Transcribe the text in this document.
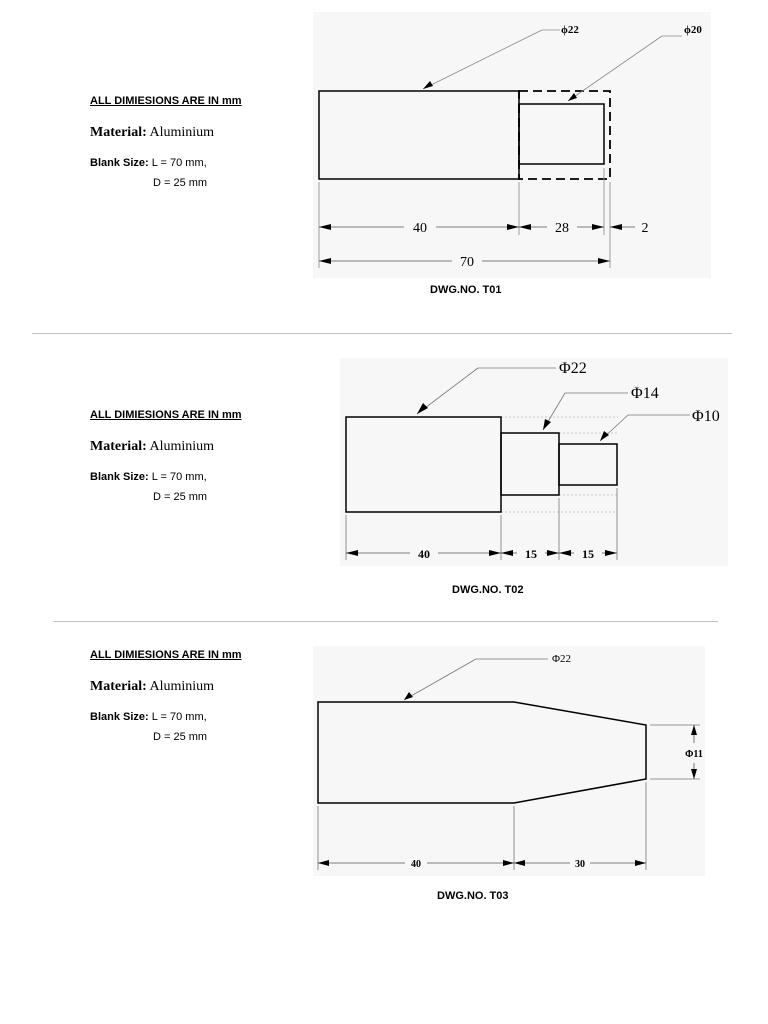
ALL DIMIESIONS ARE IN mm
Material: Aluminium
Blank Size: L = 70 mm,
D = 25 mm
ϕ22	ϕ20
40	28	2
70
DWG.NO. T01
ALL DIMIESIONS ARE IN mm
Material: Aluminium
Blank Size: L = 70 mm,
D = 25 mm
Φ22
Φ14
Φ10
40	15	15
DWG.NO. T02
ALL DIMIESIONS ARE IN mm
Material: Aluminium
Blank Size: L = 70 mm,
D = 25 mm
Φ22
Φ11
40	30
DWG.NO. T03
